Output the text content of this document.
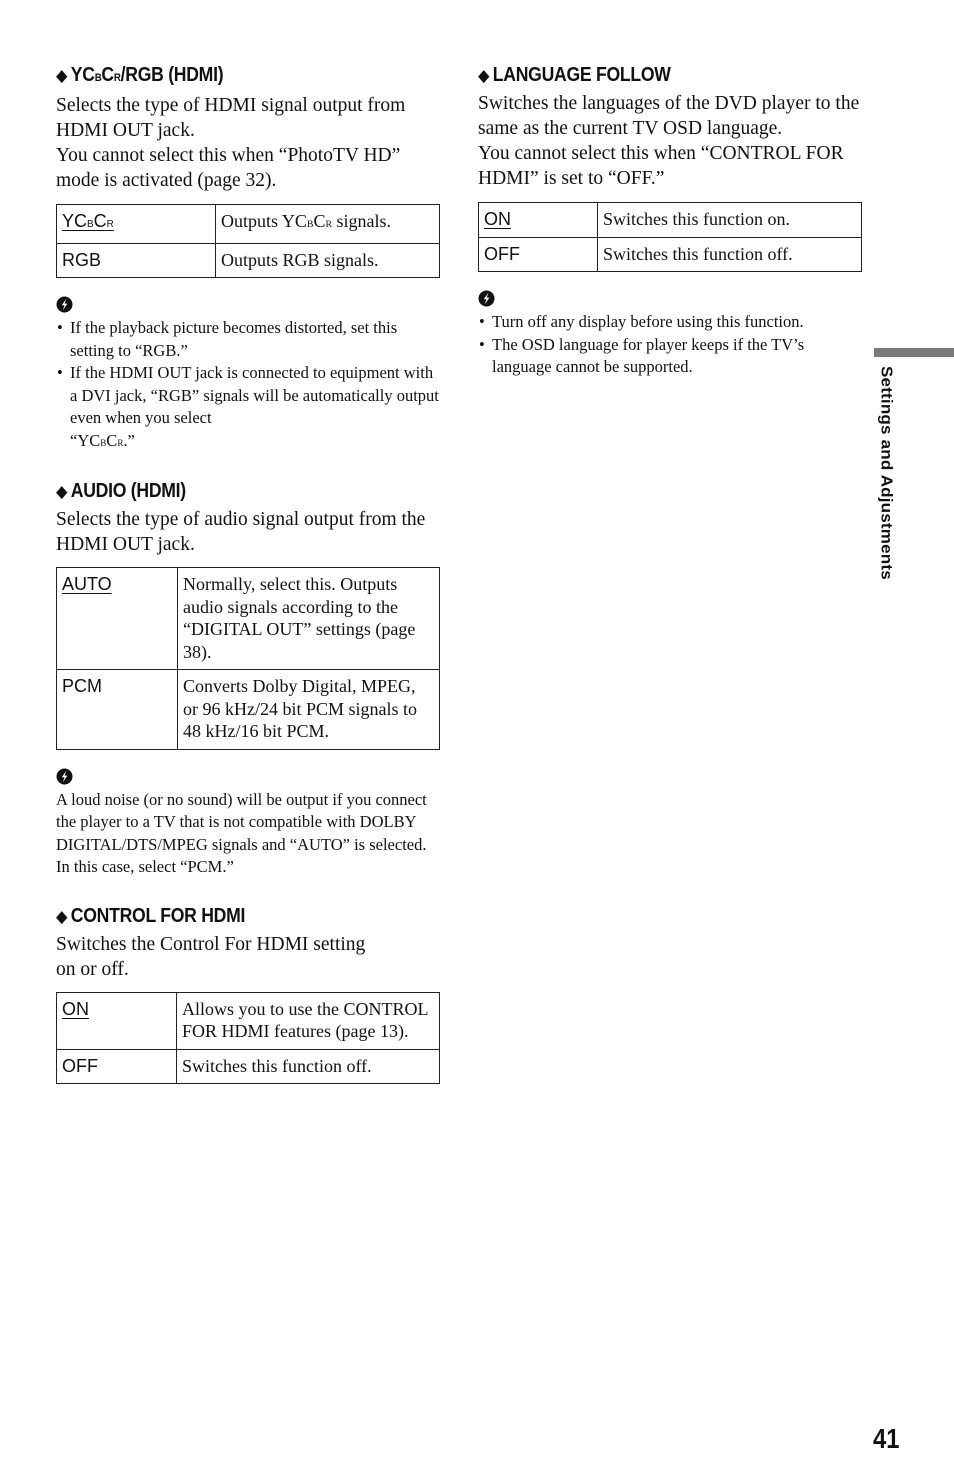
◆ YCBCR/RGB (HDMI)

Selects the type of HDMI signal output from HDMI OUT jack.

You cannot select this when “PhotoTV HD” mode is activated (page 32).

YCBCR	Outputs YCBCR signals.
RGB	Outputs RGB signals.
• If the playback picture becomes distorted, set this setting to “RGB.”
• If the HDMI OUT jack is connected to equipment with a DVI jack, “RGB” signals will be automatically output even when you select
“YCBCR.”
◆ AUDIO (HDMI)

Selects the type of audio signal output from the HDMI OUT jack.

AUTO	Normally, select this. Outputs audio signals according to the “DIGITAL OUT” settings (page 38).
PCM	Converts Dolby Digital, MPEG, or 96 kHz/24 bit PCM signals to 48 kHz/16 bit PCM.

A loud noise (or no sound) will be output if you connect the player to a TV that is not compatible with DOLBY DIGITAL/DTS/MPEG signals and “AUTO” is selected. In this case, select “PCM.”

◆ CONTROL FOR HDMI

Switches the Control For HDMI setting
on or off.

ON	Allows you to use the CONTROL FOR HDMI features (page 13).
OFF	Switches this function off.
◆ LANGUAGE FOLLOW

Switches the languages of the DVD player to the same as the current TV OSD language.

You cannot select this when “CONTROL FOR HDMI” is set to “OFF.”

ON	Switches this function on.
OFF	Switches this function off.
• Turn off any display before using this function.
• The OSD language for player keeps if the TV’s language cannot be supported.	Settings and Adjustments
41
